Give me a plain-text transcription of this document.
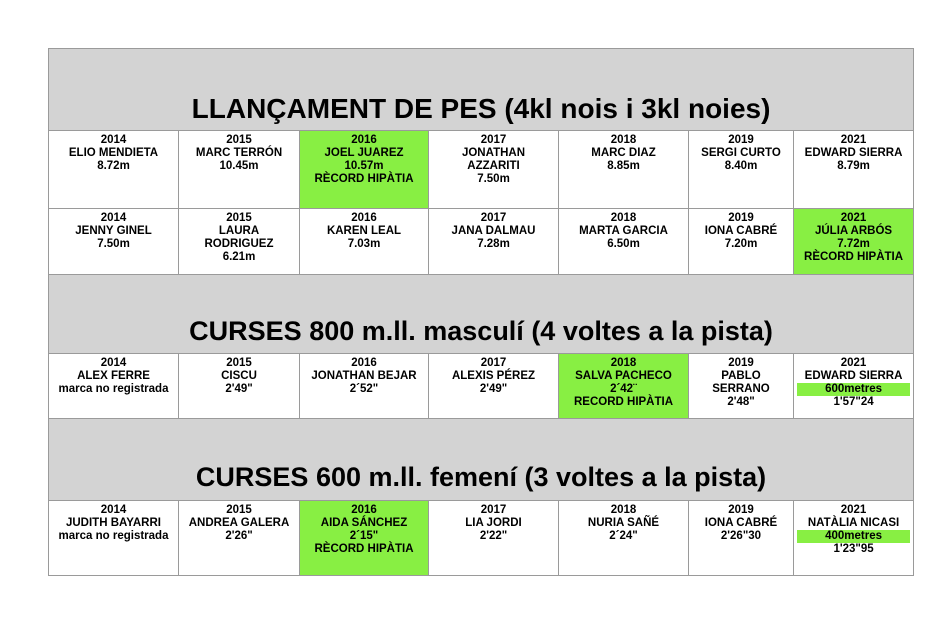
LLANÇAMENT DE PES (4kl nois i 3kl noies)						

2014
ELIO MENDIETA
8.72m	2015
MARC TERRÓN
10.45m	2016
JOEL JUAREZ
10.57m
RÈCORD HIPÀTIA	2017
JONATHAN
AZZARITI
7.50m	2018
MARC DIAZ
8.85m	2019
SERGI CURTO
8.40m	2021
EDWARD SIERRA
8.79m

2014
JENNY GINEL
7.50m	2015
LAURA
RODRIGUEZ
6.21m	2016
KAREN LEAL
7.03m	2017
JANA DALMAU
7.28m	2018
MARTA GARCIA
6.50m	2019
IONA CABRÉ
7.20m	2021
JÚLIA ARBÓS
7.72m
RÈCORD HIPÀTIA

CURSES 800 m.ll. masculí (4 voltes a la pista)						

2014
ALEX FERRE
marca no registrada	2015
CISCU
2'49"	2016
JONATHAN BEJAR
2´52"	2017
ALEXIS PÉREZ
2'49"	2018
SALVA PACHECO
2´42¨
RECORD HIPÀTIA	2019
PABLO
SERRANO
2'48"	2021
EDWARD SIERRA
600metres
1'57"24

CURSES 600 m.ll. femení (3 voltes a la pista)						

2014
JUDITH BAYARRI
marca no registrada	2015
ANDREA GALERA
2'26"	2016
AIDA SÁNCHEZ
2´15"
RÈCORD HIPÀTIA	2017
LIA JORDI
2'22"	2018
NURIA SAÑÉ
2´24"	2019
IONA CABRÉ
2'26"30	2021
NATÀLIA NICASI
400metres
1'23"95
